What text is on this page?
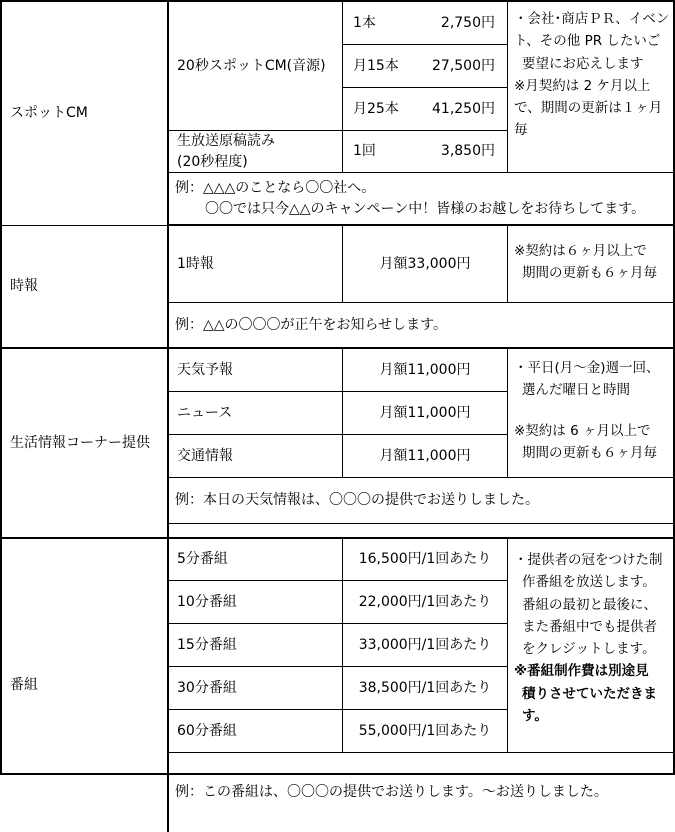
スポットCM
20秒スポットCM(音源)
1本	2,750円
月15本 27,500円
月25本 41,250円
・会社･商店ＰＲ、イベン
ト、その他 PR したいご
要望にお応えします
※月契約は 2 ケ月以上
で、期間の更新は１ヶ月
毎
生放送原稿読み
(20秒程度)
1回	3,850円
例：△△△のことなら〇〇社へ。
〇〇では只今△△のキャンペーン中！皆様のお越しをお待ちしてます。
時報
1時報	月額33,000円
※契約は６ヶ月以上で
期間の更新も６ヶ月毎
例：△△の〇〇〇が正午をお知らせします。
生活情報コーナー提供
天気予報	月額11,000円
ニュース	月額11,000円
交通情報	月額11,000円
・平日(月～金)週一回、
選んだ曜日と時間
※契約は 6 ヶ月以上で
期間の更新も６ヶ月毎
例：本日の天気情報は、〇〇〇の提供でお送りしました。
番組
5分番組	16,500円/1回あたり
10分番組	22,000円/1回あたり
15分番組	33,000円/1回あたり
30分番組	38,500円/1回あたり
60分番組	55,000円/1回あたり
・提供者の冠をつけた制
作番組を放送します。
番組の最初と最後に、
また番組中でも提供者
をクレジットします。
※番組制作費は別途見
積りさせていただきま
す。
例：この番組は、〇〇〇の提供でお送りします。～お送りしました。
